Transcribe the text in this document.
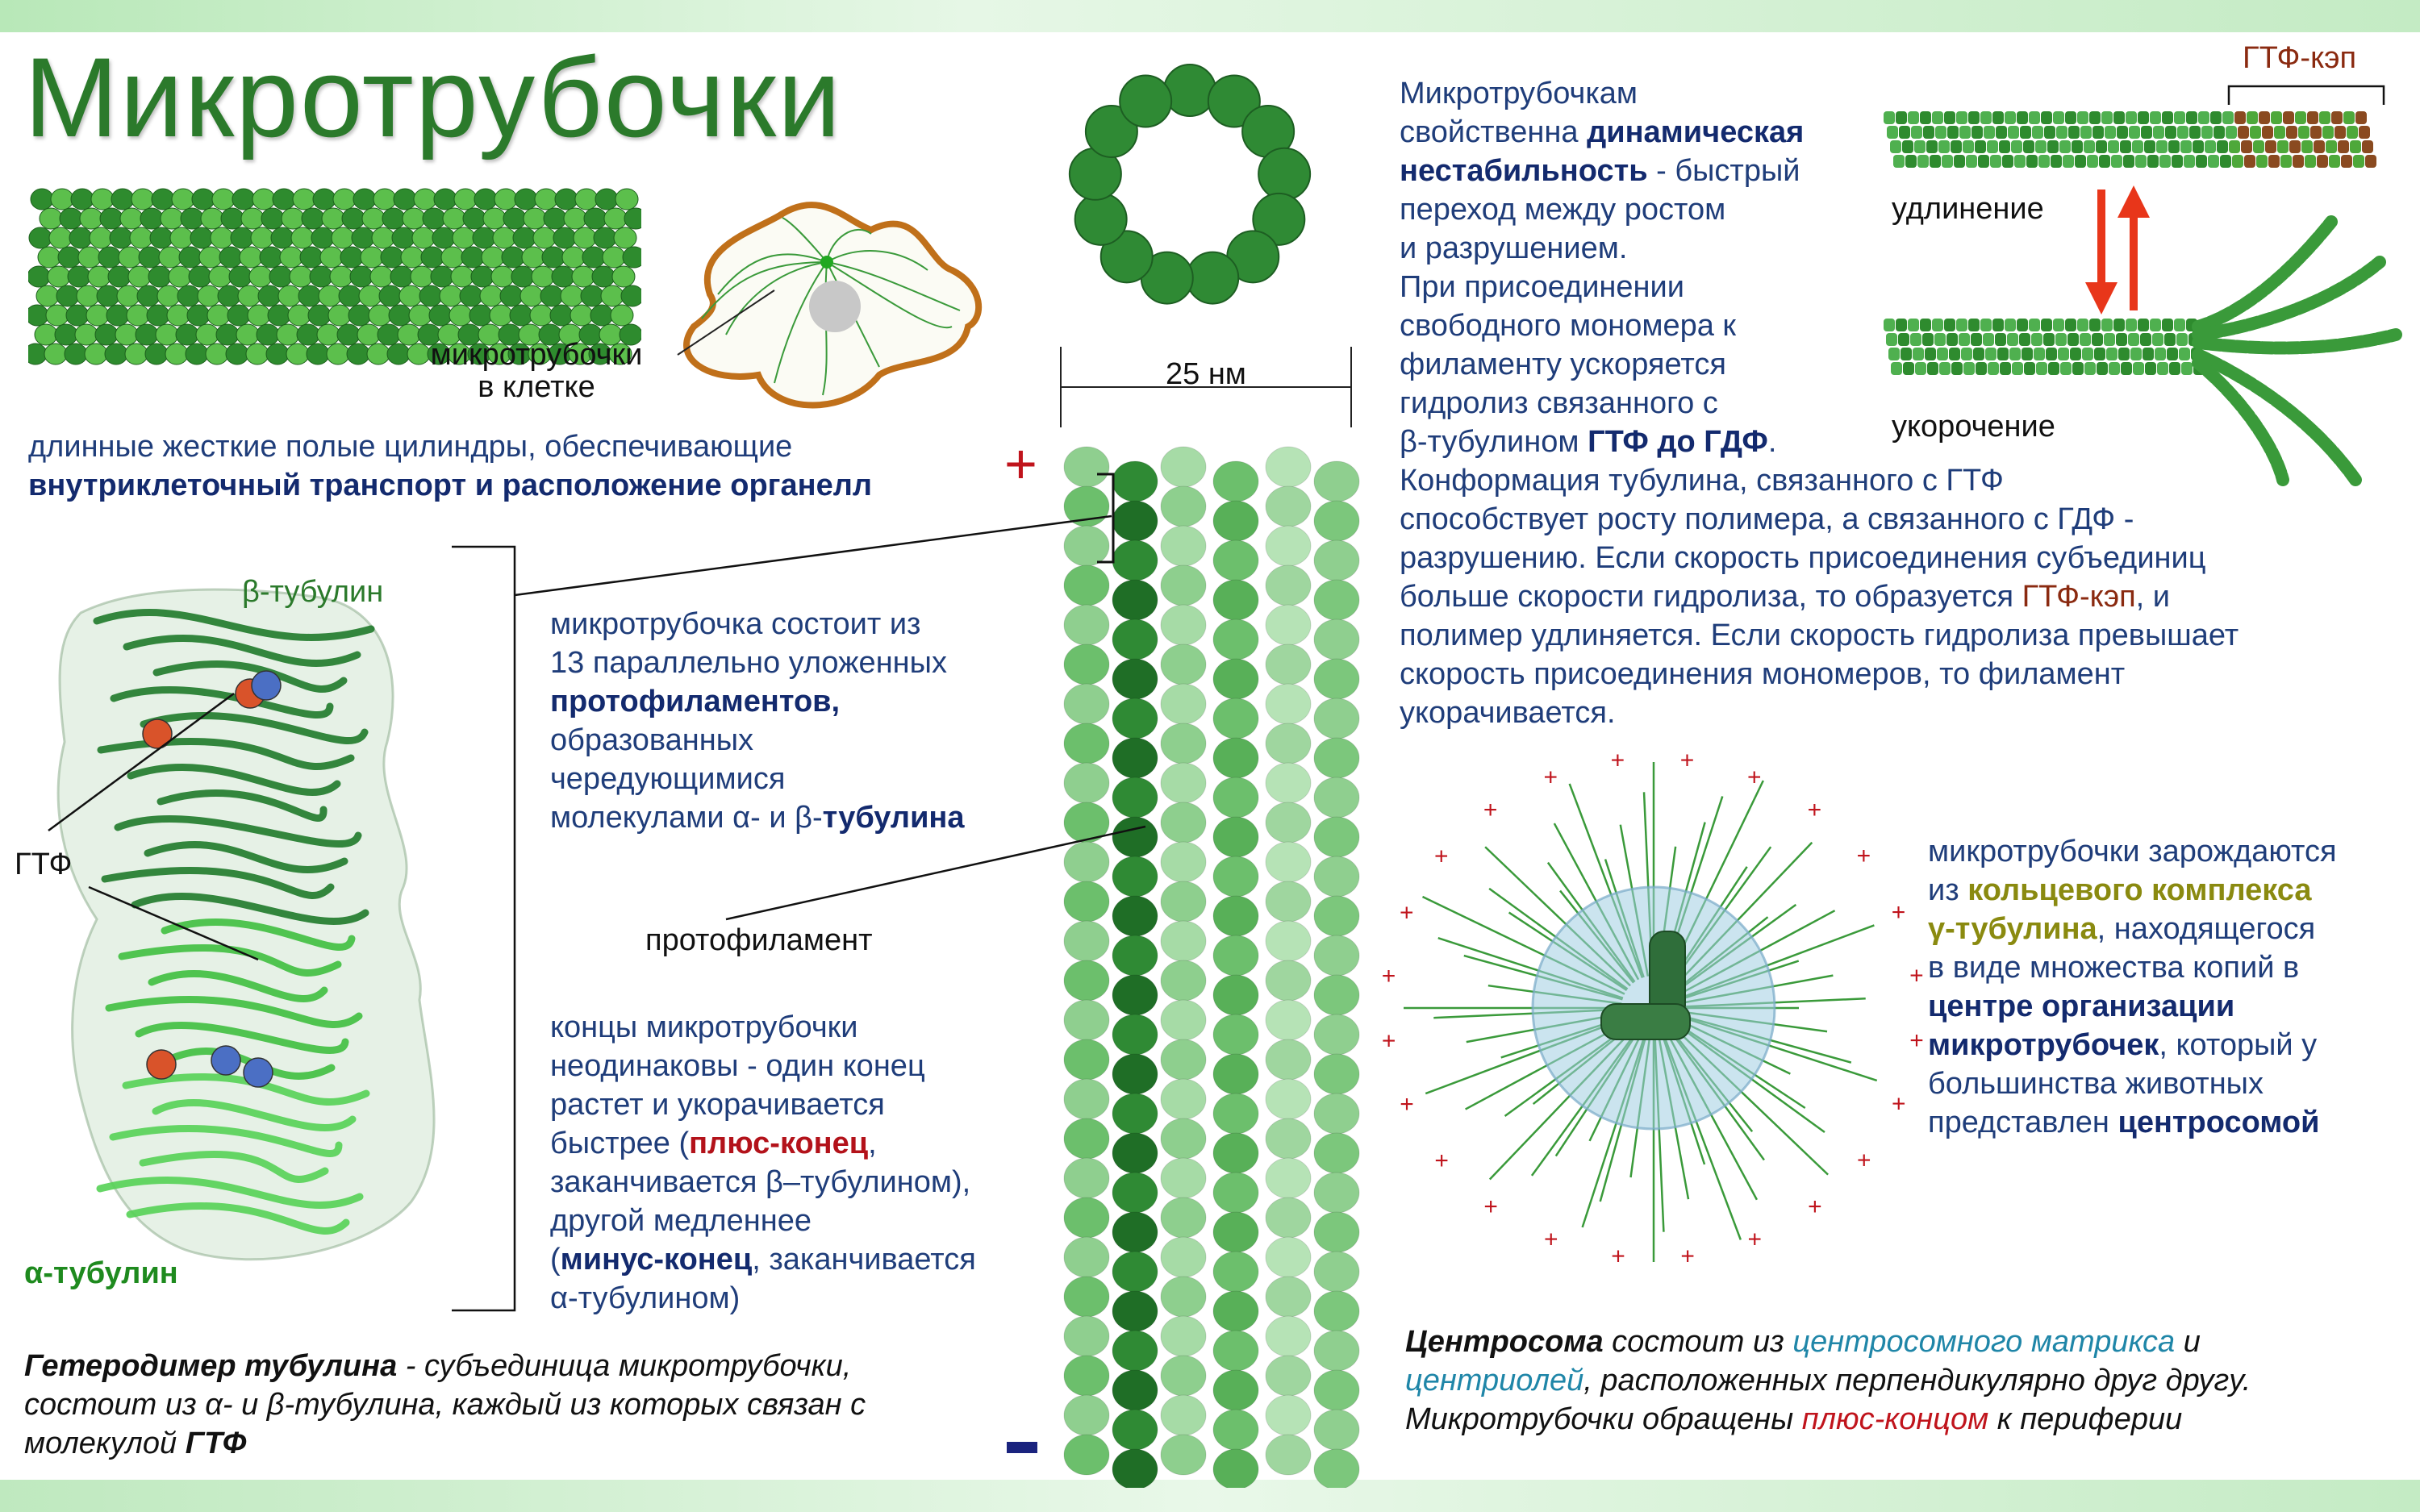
Микротрубочки
микротрубочки
в клетке
длинные жесткие полые цилиндры, обеспечивающие
внутриклеточный транспорт и расположение органелл
25 нм
+
β-тубулин
α-тубулин
ГТФ
микротрубочка состоит из
13 параллельно уложенных
протофиламентов,
образованных
чередующимися
молекулами α- и β-тубулина
протофиламент
концы микротрубочки
неодинаковы - один конец
растет и укорачивается
быстрее (плюс-конец,
заканчивается β–тубулином),
другой медленнее
(минус-конец, заканчивается
α-тубулином)
Гетеродимер тубулина - субъединица микротрубочки,
состоит из α- и β-тубулина, каждый из которых связан с
молекулой ГТФ
Микротрубочкам
свойственна динамическая
нестабильность - быстрый
переход между ростом
и разрушением.
При присоединении
свободного мономера к
филаменту ускоряется
гидролиз связанного с
β-тубулином ГТФ до ГДФ.
Конформация тубулина, связанного с ГТФ
способствует росту полимера, а связанного с ГДФ -
разрушению. Если скорость присоединения субъединиц
больше скорости гидролиза, то образуется ГТФ-кэп, и
полимер удлиняется. Если скорость гидролиза превышает
скорость присоединения мономеров, то филамент
укорачивается.
ГТФ-кэп
удлинение
укорочение
+
+
+
+
+
+
+
+
+
+
+
+
+
+
+
+
+
+ +
+
+
+
+
+
микротрубочки зарождаются
из кольцевого комплекса
γ-тубулина, находящегося
в виде множества копий в
центре организации
микротрубочек, который у
большинства животных
представлен центросомой
Центросома состоит из центросомного матрикса и
центриолей, расположенных перпендикулярно друг другу.
Микротрубочки обращены плюс-концом к периферии
